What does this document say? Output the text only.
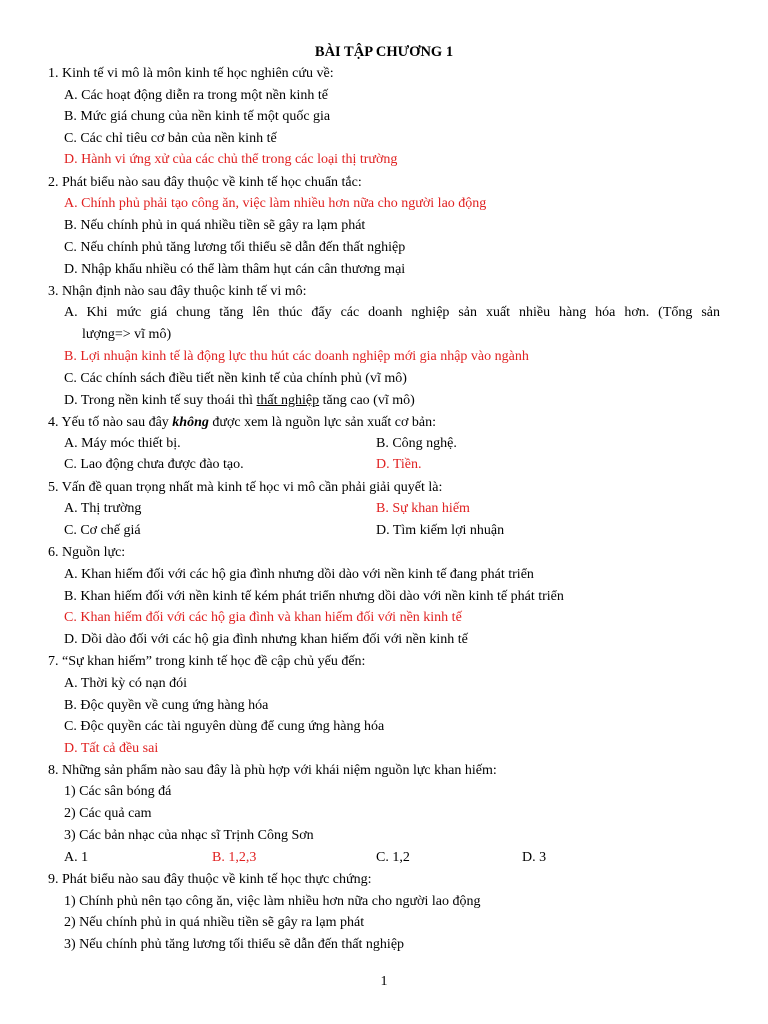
BÀI TẬP CHƯƠNG 1
1. Kinh tế vi mô là môn kinh tế học nghiên cứu về:
A. Các hoạt động diễn ra trong một nền kinh tế
B. Mức giá chung của nền kinh tế một quốc gia
C. Các chỉ tiêu cơ bản của nền kinh tế
D. Hành vi ứng xử của các chủ thể trong các loại thị trường
2. Phát biểu nào sau đây thuộc về kinh tế học chuẩn tắc:
A. Chính phủ phải tạo công ăn, việc làm nhiều hơn nữa cho người lao động
B. Nếu chính phủ in quá nhiều tiền sẽ gây ra lạm phát
C. Nếu chính phủ tăng lương tối thiểu sẽ dẫn đến thất nghiệp
D. Nhập khẩu nhiều có thể làm thâm hụt cán cân thương mại
3. Nhận định nào sau đây thuộc kinh tế vi mô:
A. Khi mức giá chung tăng lên thúc đẩy các doanh nghiệp sản xuất nhiều hàng hóa hơn. (Tổng sản
lượng=> vĩ mô)
B. Lợi nhuận kinh tế là động lực thu hút các doanh nghiệp mới gia nhập vào ngành
C. Các chính sách điều tiết nền kinh tế của chính phủ (vĩ mô)
D. Trong nền kinh tế suy thoái thì thất nghiệp tăng cao (vĩ mô)
4. Yếu tố nào sau đây không được xem là nguồn lực sản xuất cơ bản:
A. Máy móc thiết bị.	B. Công nghệ.
C. Lao động chưa được đào tạo.	D. Tiền.
5. Vấn đề quan trọng nhất mà kinh tế học vi mô cần phải giải quyết là:
A. Thị trường	B. Sự khan hiếm
C. Cơ chế giá	D. Tìm kiếm lợi nhuận
6. Nguồn lực:
A. Khan hiếm đối với các hộ gia đình nhưng dồi dào với nền kinh tế đang phát triển
B. Khan hiếm đối với nền kinh tế kém phát triển nhưng dồi dào với nền kinh tế phát triển
C. Khan hiếm đối với các hộ gia đình và khan hiếm đối với nền kinh tế
D. Dồi dào đối với các hộ gia đình nhưng khan hiếm đối với nền kinh tế
7. “Sự khan hiếm” trong kinh tế học đề cập chủ yếu đến:
A. Thời kỳ có nạn đói
B. Độc quyền về cung ứng hàng hóa
C. Độc quyền các tài nguyên dùng để cung ứng hàng hóa
D. Tất cả đều sai
8. Những sản phẩm nào sau đây là phù hợp với khái niệm nguồn lực khan hiếm:
1) Các sân bóng đá
2) Các quả cam
3) Các bản nhạc của nhạc sĩ Trịnh Công Sơn
A. 1	B. 1,2,3	C. 1,2	D. 3
9. Phát biểu nào sau đây thuộc về kinh tế học thực chứng:
1) Chính phủ nên tạo công ăn, việc làm nhiều hơn nữa cho người lao động
2) Nếu chính phủ in quá nhiều tiền sẽ gây ra lạm phát
3) Nếu chính phủ tăng lương tối thiểu sẽ dẫn đến thất nghiệp
1
